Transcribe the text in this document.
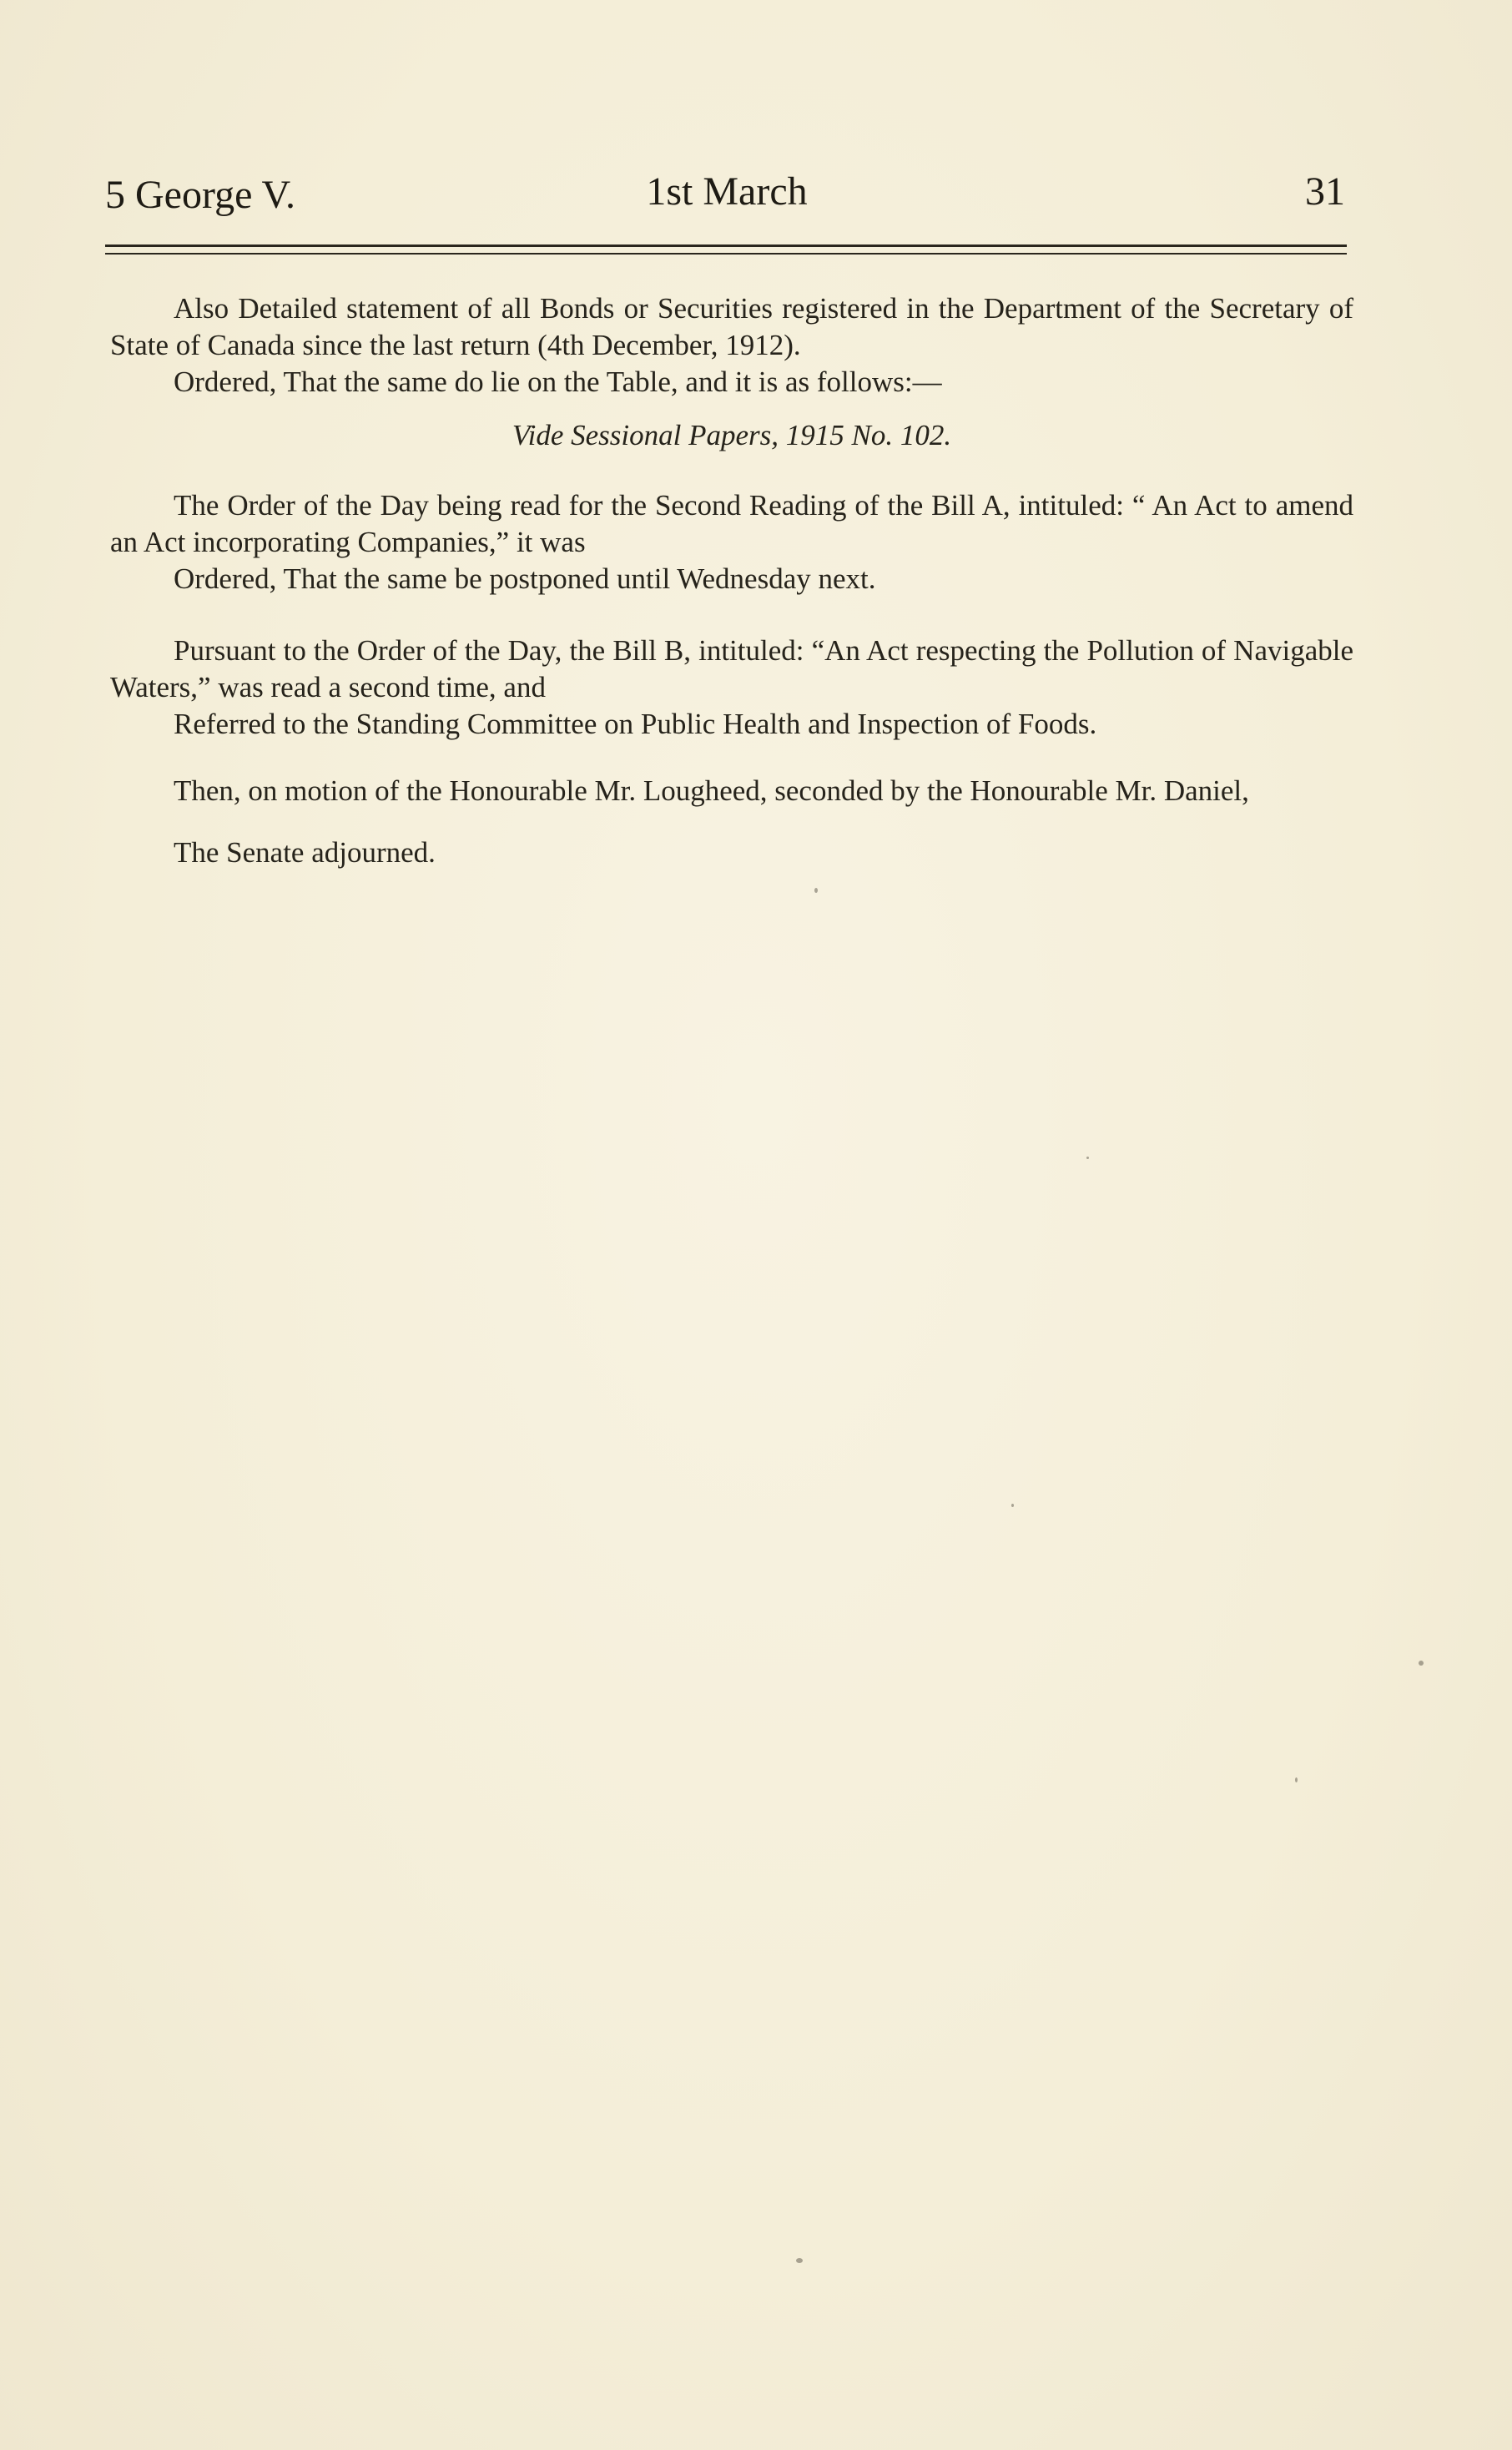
5 George V.	1st March	31

Also Detailed statement of all Bonds or Securities registered in the Department of the Secretary of State of Canada since the last return (4th December, 1912).

Ordered, That the same do lie on the Table, and it is as follows:—

Vide Sessional Papers, 1915 No. 102.

The Order of the Day being read for the Second Reading of the Bill A, intituled: “ An Act to amend an Act incorporating Companies,” it was

Ordered, That the same be postponed until Wednesday next.

Pursuant to the Order of the Day, the Bill B, intituled: “An Act respecting the Pollution of Navigable Waters,” was read a second time, and

Referred to the Standing Committee on Public Health and Inspection of Foods.

Then, on motion of the Honourable Mr. Lougheed, seconded by the Honourable Mr. Daniel,

The Senate adjourned.
